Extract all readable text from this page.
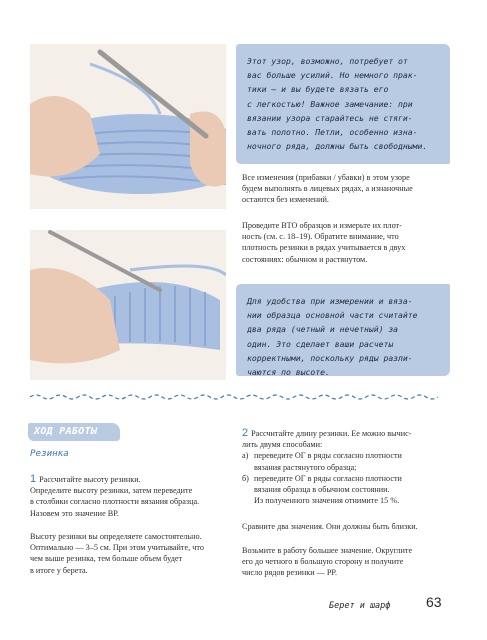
Этот узор, возможно, потребует от

вас больше усилий. Но немного прак-

тики — и вы будете вязать его

с легкостью! Важное замечание: при

вязании узора старайтесь не стяги-

вать полотно. Петли, особенно изна-

ночного ряда, должны быть свободными.

Все изменения (прибавки / убавки) в этом узоре

будем выполнять в лицевых рядах, а изнаночные

остаются без изменений.

Проведите ВТО образцов и измерьте их плот-

ность (см. с. 18–19). Обратите внимание, что

плотность резинки в рядах учитывается в двух

состояниях: обычном и растянутом.

Для удобства при измерении и вяза-

нии образца основной части считайте

два ряда (четный и нечетный) за

один. Это сделает ваши расчеты

корректными, поскольку ряды разли-

чаются по высоте.

ХОД РАБОТЫ
Резинка

1 Рассчитайте высоту резинки.

Определите высоту резинки, затем переведите

в столбики согласно плотности вязания образца.

Назовем это значение ВР.

Высоту резинки вы определяете самостоятельно.

Оптимально — 3–5 см. При этом учитывайте, что

чем выше резинка, тем больше объем будет

в итоге у берета.

2 Рассчитайте длину резинки. Ее можно вычис-

лить двумя способами:

а) переведите ОГ в ряды согласно плотности

вязания растянутого образца;

б) переведите ОГ в ряды согласно плотности

вязания образца в обычном состоянии.

Из полученного значения отнимите 15 %.

Сравните два значения. Они должны быть близки.

Возьмите в работу большее значение. Округлите

его до четного в большую сторону и получите

число рядов резинки — РР.

Берет и шарф	63
